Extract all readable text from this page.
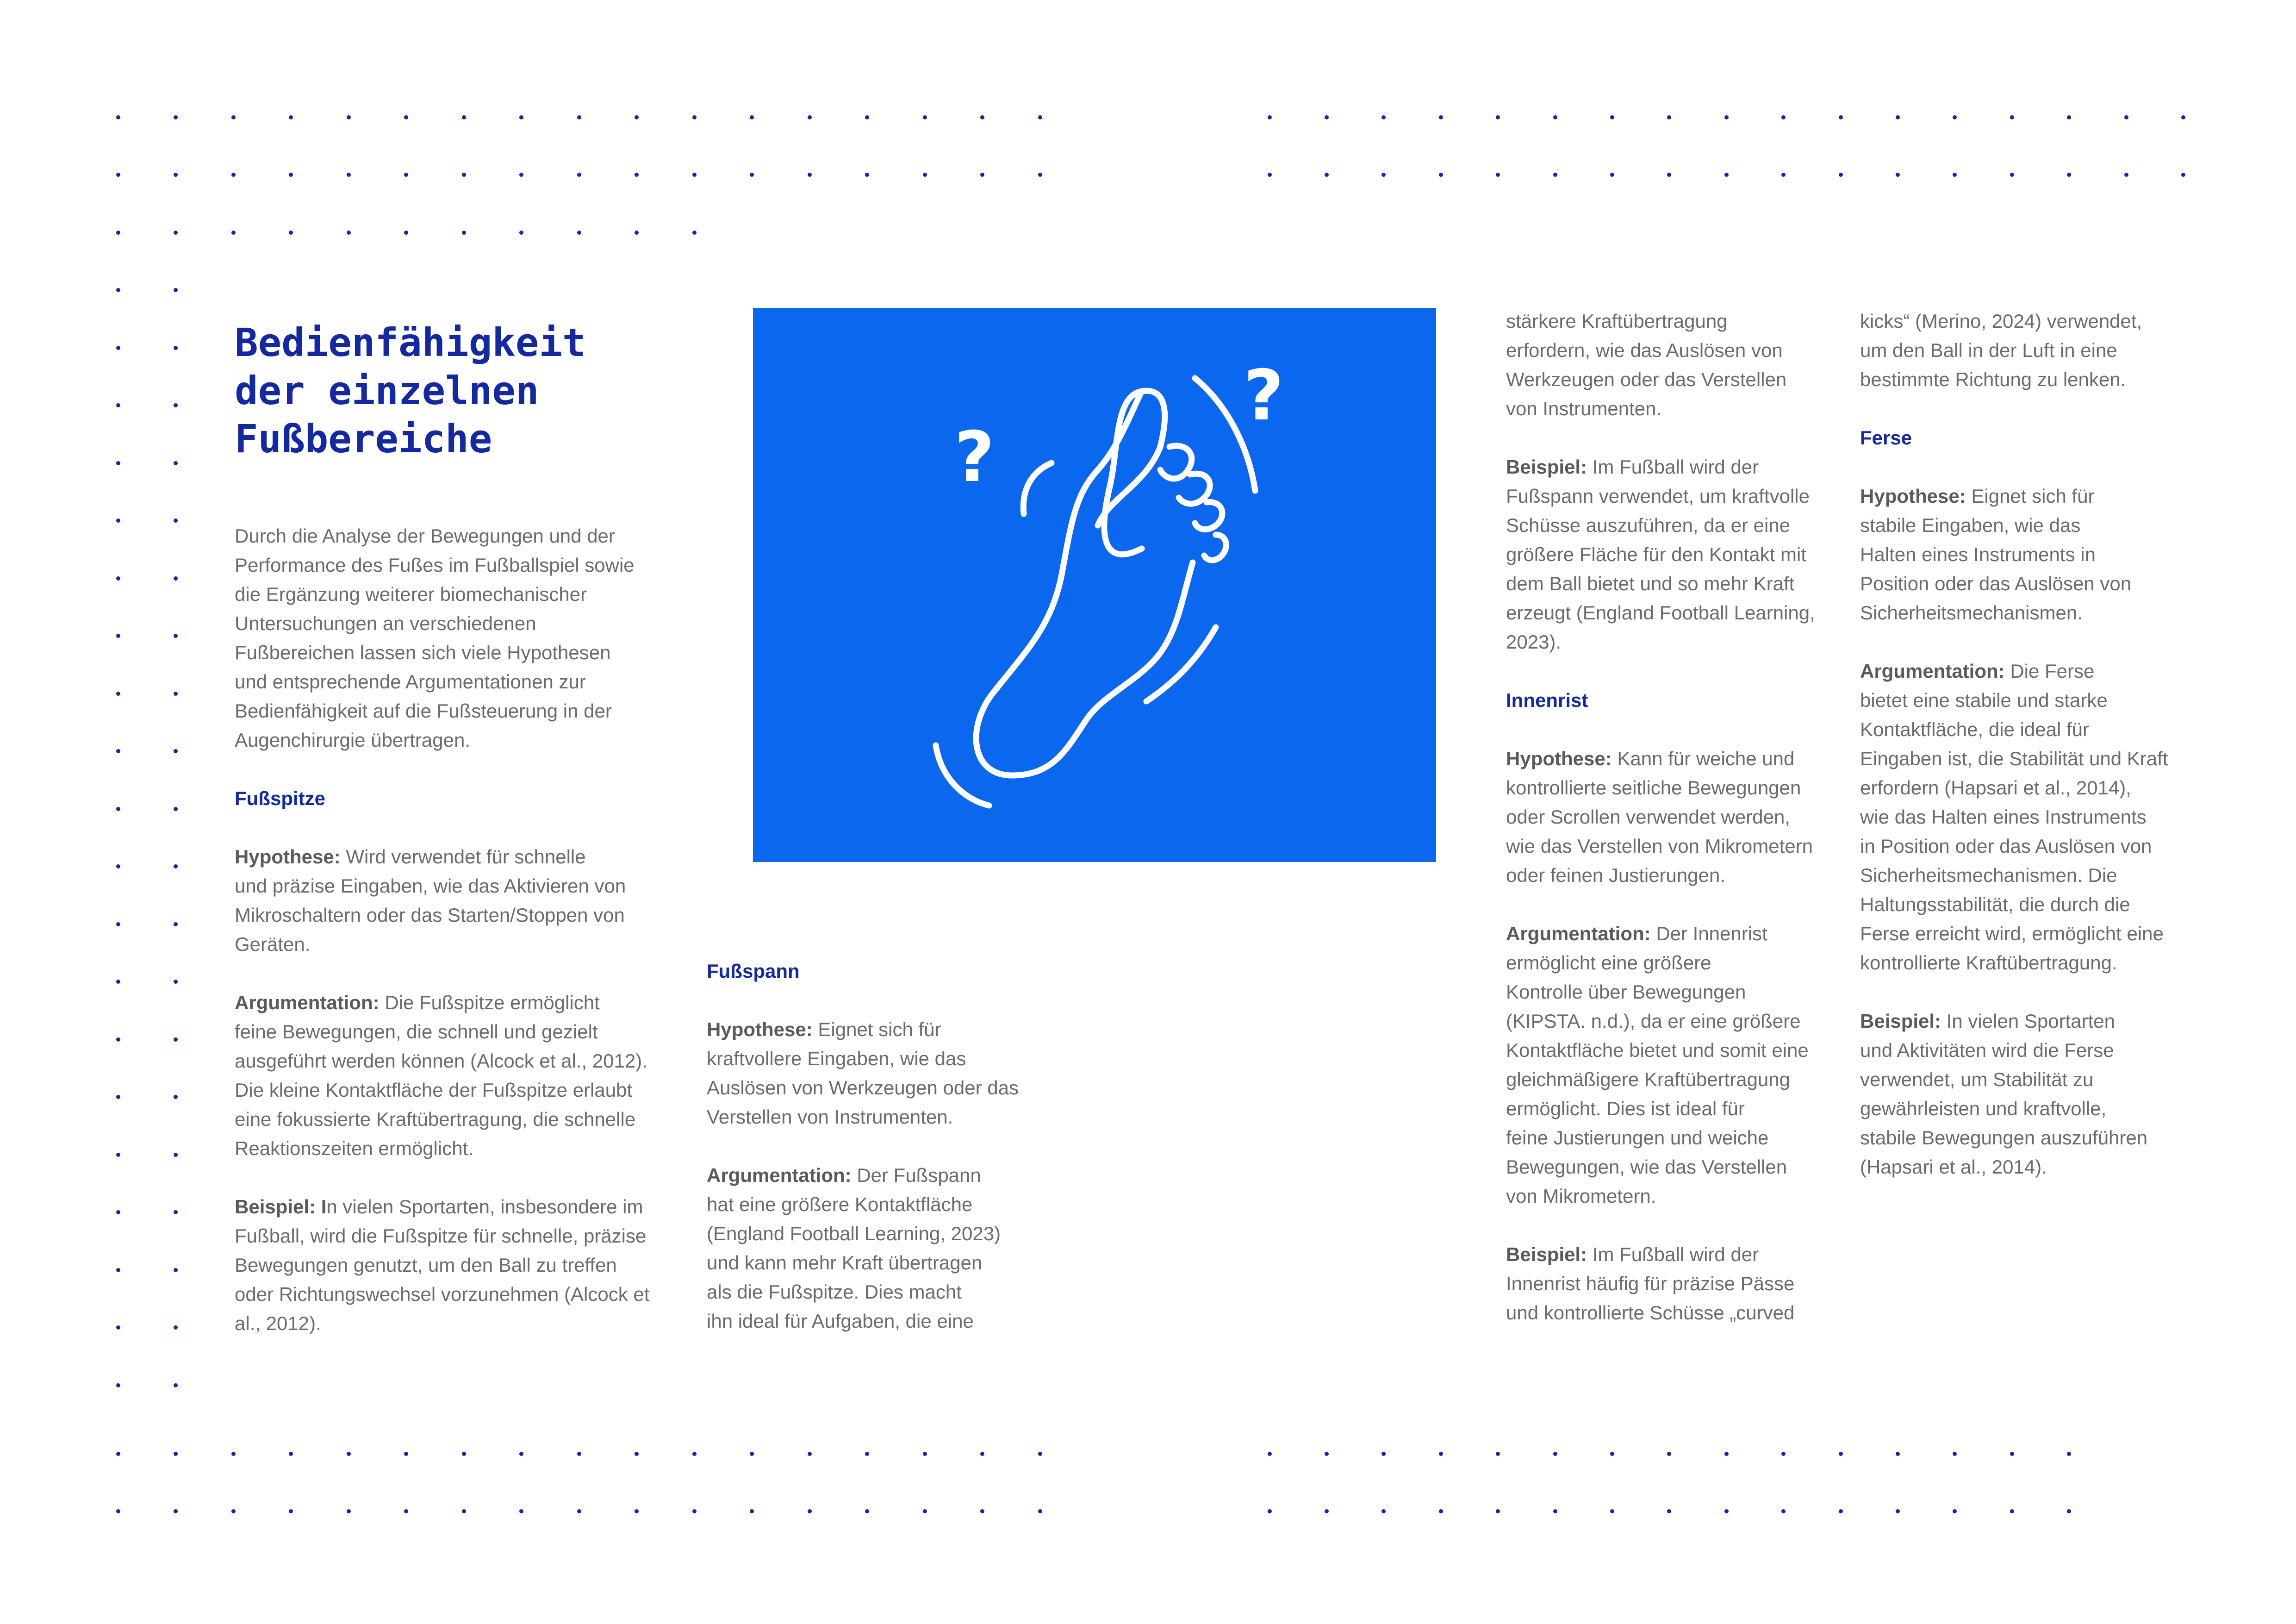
Bedienfähigkeit
der einzelnen
Fußbereiche

Durch die Analyse der Bewegungen und der
Performance des Fußes im Fußballspiel sowie
die Ergänzung weiterer biomechanischer
Untersuchungen an verschiedenen
Fußbereichen lassen sich viele Hypothesen
und entsprechende Argumentationen zur
Bedienfähigkeit auf die Fußsteuerung in der
Augenchirurgie übertragen.

Fußspitze

Hypothese: Wird verwendet für schnelle
und präzise Eingaben, wie das Aktivieren von
Mikroschaltern oder das Starten/Stoppen von
Geräten.

Argumentation: Die Fußspitze ermöglicht
feine Bewegungen, die schnell und gezielt
ausgeführt werden können (Alcock et al., 2012).
Die kleine Kontaktfläche der Fußspitze erlaubt
eine fokussierte Kraftübertragung, die schnelle
Reaktionszeiten ermöglicht.

Beispiel: In vielen Sportarten, insbesondere im
Fußball, wird die Fußspitze für schnelle, präzise
Bewegungen genutzt, um den Ball zu treffen
oder Richtungswechsel vorzunehmen (Alcock et
al., 2012).

Fußspann

Hypothese: Eignet sich für
kraftvollere Eingaben, wie das
Auslösen von Werkzeugen oder das
Verstellen von Instrumenten.

Argumentation: Der Fußspann
hat eine größere Kontaktfläche
(England Football Learning, 2023)
und kann mehr Kraft übertragen
als die Fußspitze. Dies macht
ihn ideal für Aufgaben, die eine

stärkere Kraftübertragung
erfordern, wie das Auslösen von
Werkzeugen oder das Verstellen
von Instrumenten.

Beispiel: Im Fußball wird der
Fußspann verwendet, um kraftvolle
Schüsse auszuführen, da er eine
größere Fläche für den Kontakt mit
dem Ball bietet und so mehr Kraft
erzeugt (England Football Learning,
2023).

Innenrist

Hypothese: Kann für weiche und
kontrollierte seitliche Bewegungen
oder Scrollen verwendet werden,
wie das Verstellen von Mikrometern
oder feinen Justierungen.

Argumentation: Der Innenrist
ermöglicht eine größere
Kontrolle über Bewegungen
(KIPSTA. n.d.), da er eine größere
Kontaktfläche bietet und somit eine
gleichmäßigere Kraftübertragung
ermöglicht. Dies ist ideal für
feine Justierungen und weiche
Bewegungen, wie das Verstellen
von Mikrometern.

Beispiel: Im Fußball wird der
Innenrist häufig für präzise Pässe
und kontrollierte Schüsse „curved

kicks“ (Merino, 2024) verwendet,
um den Ball in der Luft in eine
bestimmte Richtung zu lenken.

Ferse

Hypothese: Eignet sich für
stabile Eingaben, wie das
Halten eines Instruments in
Position oder das Auslösen von
Sicherheitsmechanismen.

Argumentation: Die Ferse
bietet eine stabile und starke
Kontaktfläche, die ideal für
Eingaben ist, die Stabilität und Kraft
erfordern (Hapsari et al., 2014),
wie das Halten eines Instruments
in Position oder das Auslösen von
Sicherheitsmechanismen. Die
Haltungsstabilität, die durch die
Ferse erreicht wird, ermöglicht eine
kontrollierte Kraftübertragung.

Beispiel: In vielen Sportarten
und Aktivitäten wird die Ferse
verwendet, um Stabilität zu
gewährleisten und kraftvolle,
stabile Bewegungen auszuführen
(Hapsari et al., 2014).

?
?
